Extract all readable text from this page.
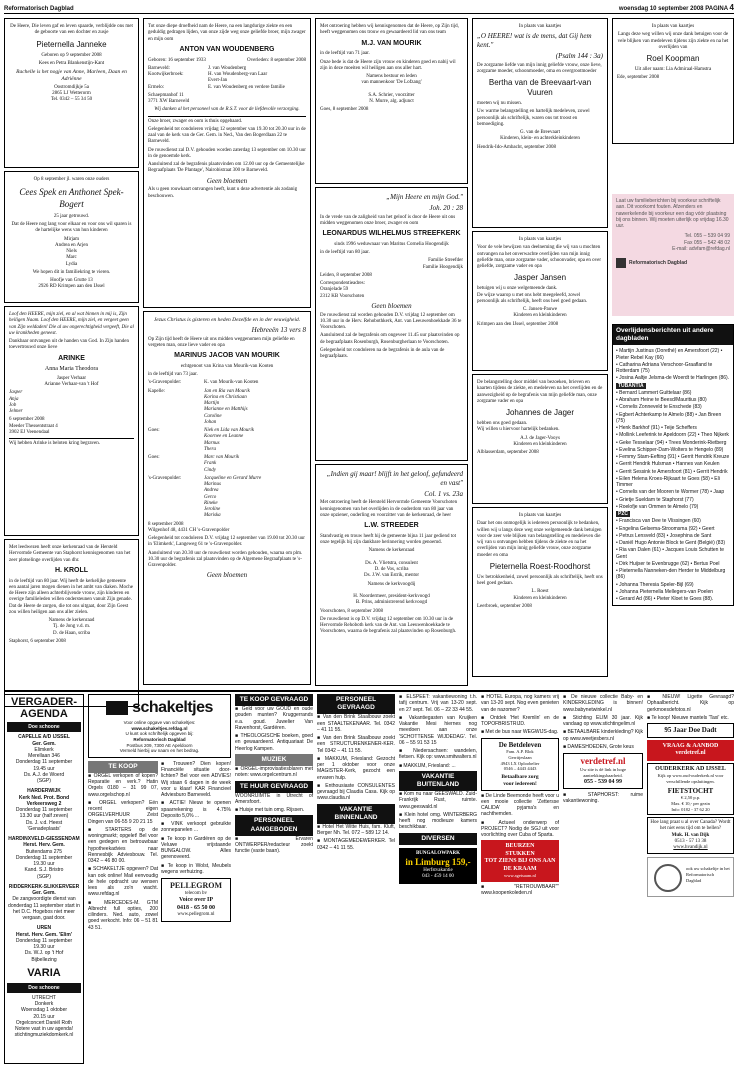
Reformatorisch Dagblad	woensdag 10 september 2008 PAGINA 4

De Heere, Die leven gaf en leven spaarde, verblijdde ons met de geboorte van een dochter en zusje

Pieternella Janneke

Geboren op 9 september 2008

Kees en Petra Blankenstijn-Kant

Rachelle is het nogje van Anne, Marleen, Daan en Adriënne

Oostromdijkje 5a
2865 LJ Wetterorm
Tel. 0342 – 55 34 50

Op 8 september jl. waren onze ouders

Cees Spek en Anthonet Spek-Bogert

25 jaar getrouwd.

Dat de Heere nog lang voor elkaar en voor ons wil sparen is de hartelijke wens van hun kinderen

Mirjam
Andrea en Arjen
Niels
Marc
Lydia

We hopen dit in familiekring te vieren.

Hoofje van Grutte 13
2926 RD Krimpen aan den IJssel

Loof den HEERE, mijn ziel, en al wat binnen in mij is, Zijn heiligen Naam. Loof den HEERE, mijn ziel, en vergeet geen van Zijn weldaden! Die al uw ongerechtigheid vergeeft, Die al uw krankheden geneest.

Dankbaar ontvangen uit de handen van God. In Zijn handen toevertrouwd onze lieve

ARINKE
Anna Maria Theodora

Jasper Verhaar
Arianne Verhaar-van 't Hof

Jasper
Anja
Job
Jelmer

6 september 2008
Meeder Thessentstraat 4
3902 EJ Veenendaal

Wij hebben Arinke is beloten kring begraven.

Met leedwezen heeft onze kerkenraad van de Hersteld Hervormde Gemeente van Staphorst kennisgenomen van het zeer plotselinge overlijden van dhr.

H. KROLL

in de leeftijd van 80 jaar. Wij heeft de kerkelijke gemeente een aantal jaren mogen dienen in het ambt van diaken. Moche de Heere zijn alleen achterblijvende vrouw, zijn kinderen en overige familieleden willen ondersteunen vanuit Zijn genade.
Dat de Heere de zorgen, die tot ons uitgaat, door Zijn Geest zou willen heiligen aan ons aller zielen.

Namens de kerkenraad
Tj. de Jong v.d. m.
D. de Haan, scriba

Staphorst, 6 september 2008

Tot onze diepe droefheid nam de Heere, na een langdurige ziekte en een geduldig gedragen lijden, van onze zijde weg onze geliefde broer, mijn zwager en mijn oom

ANTON VAN WOUDENBERG
Geboren: 16 september 1933	Overleden: 8 september 2008
Barneveld:	J. van Woudenberg
Kootwijkerbroek:	H. van Woudenberg-van Laar
Evert-Jan
Ermelo:	E. van Woudenberg en verdere familie

Schaepmanhof 11
3771 XW Barneveld

Wij danken al het personeel van de R.S.T. voor de liefdevolle verzorging.

Onze broer, zwager en oom is thuis opgebaard.

Gelegenheid tot condoleren vrijdag 12 september van 19.30 tot 20.30 uur in de zaal van de kerk van de Ger. Gem. in Ned., Van den Bogerdlaan 22 te Barneveld.

De rouwdienst zal D.V. gehouden worden zaterdag 13 september om 10.30 uur in de genoemde kerk.

Aansluitend zal de begrafenis plaatsvinden om 12.00 uur op de Gemeentelijke Begraafplaats 'De Plantage', Nairobistraat 300 te Barneveld.

Geen bloemen

Als u geen rouwkaart ontvangen heeft, kunt u deze advertentie als zodanig beschouwen.

Jezus Christus is gisteren en heden Dezelfde en in der eeuwigheid.

Hebreeën 13 vers 8

Op Zijn tijd heeft de Heere uit ons midden weggenomen mijn geliefde en vergeten man, onze lieve vader en opa

MARINUS JACOB VAN MOURIK

echtgenoot van Krina van Mourik-van Kooten

in de leeftijd van 73 jaar.

's-Gravenpolder:	K. van Mourik-van Kooten
Kapelle:	Jan en Ria van Mourik
Korina en Christiaan
Martijn
Marianne en Matthijs
Caroline
Johan
Goes:	Niek en Lida van Mourik
Koornee en Leanne
Marnus
Thera
Goes:	Marc van Mourik
Frank
Cindy
's-Gravenpolder:	Jacqueline en Gerard Murre
Marinus
Andrea
Gerco
Rineke
Jeroline
Mariska

8 september 2008
Wilgenhof 48, 4431 CH 's-Gravenpolder

Gelegenheid tot condoleren D.V. vrijdag 12 september van 19.00 tot 20.30 uur in 'Elimkerk', Langeweg 61 te 's-Gravenpolder.

Aansluitend van 20.30 uur de rouwdienst worden gehouden, waarna om plm. 10.30 uur de begrafenis zal plaatsvinden op de Algemene Begraafplaats te 's-Gravenpolder.

Geen bloemen

Met ontroering hebben wij kennisgenomen dat de Heere, op Zijn tijd, heeft weggenomen ons trouw en gewaardeerd lid van ons team

M.J. VAN MOURIK

in de leeftijd van 71 jaar.

Onze bede is dat de Heere zijn vrouw en kinderen goed en nabij wil zijn in deze moeiten wil heiligen aan ons aller hart.

Namens bestuur en leden
van mannenkoor 'De Lofzang'

S.A. Schrier, voorzitter
N. Murre, alg. adjunct

Goes, 8 september 2008

„Mijn Heere en mijn God."

Joh. 20 : 28

In de vrede van de zaligheid van het geloof is door de Heere uit ons midden weggenomen onze broer, zwager en oom

LEONARDUS WILHELMUS STREEFKERK

sinds 1996 weduwnaar van Maritus Cornelia Hoogendijk

in de leeftijd van 80 jaar.

Familie Streefder
Familie Hoogendijk

Leiden, 8 september 2008

Correspondentieadres:
Oranjelade 59
2312 KB Voorschoten

Geen bloemen

De rouwdienst zal worden gehouden D.V. vrijdag 12 september om 10.30 uur in de Herv. Rehobothkerk, Ant. van Leeuwenhoekkade 36 te Voorschoten.

Aansluitend zal de begrafenis om ongeveer 11.45 uur plaatsvinden op de begraafplaats Rosenburgh, Rosenburgherlaan te Voorschoten.

Gelegenheid tot condoleren na de begrafenis in de aula van de begraafplaats.

„Indien gij maar! blijft in het geloof, gefundeerd en vast"

Col. 1 vs. 23a

Met ontroering heeft de Hersteld Hervormde Gemeente Voorschoten kennisgenomen van het overlijden in de ouderdom van 80 jaar van onze opziener, ouderling en voorzitter van de kerkenraad, de heer

L.W. STREEDER

Standvastig en trouw heeft hij de gemeente bijna 11 jaar gediend tot onze tegelijk bij zijn dankbare herinnering worden genoemd.

Namens de kerkenraad

Ds. A. Vlietstra, consulent
D. de Vos, scriba
Ds. J.W. van Estrik, mentor

Namens de kerkvoogdij

H. Noordermeer, president-kerkvoogd
B. Prins, administrerend kerkvoogd

Voorschoten, 8 september 2008

De rouwdienst is op D.V. vrijdag 12 september om 10.30 uur in de Hervormde Rehoboth kerk van de Ant. van Leeuwenhoekkade te Voorschoten, waarna de begrafenis zal plaatsvinden op Rosenburgh.

In plaats van kaartjes

„O HEERE! wat is de mens, dat Gij hem kent."

(Psalm 144 : 3a)

De zorgzame liefde van mijn innig geliefde vrouw, onze lieve, zorgzame moeder, schoonmoeder, oma en overgrootmoeder

Bertha van de Breevaart-van Vuuren

moeten wij nu missen.

Uw warme belangstelling en hartelijk medeleven, zowel persoonlijk als schriftelijk, waren ons tot troost en bemoediging.

G. van de Breevaart
Kinderen, klein- en achterkleinkinderen

Hendrik-Ido-Ambacht, september 2008

In plaats van kaartjes

Voor de vele bewijzen van deelneming die wij van u mochten ontvangen na het onverwachte overlijden van mijn innig geliefde man, onze zorgzame vader, schoonvader, opa en over geliefde, zorgzame vader en opa

Jasper Jansen

betuigen wij u onze welgemeende dank.
De wijze waarop u met ons hebt meegeleefd, zowel persoonlijk als schriftelijk, heeft ons heel goed gedaan.

C. Jansen-Pauwe
Kinderen en kleinkinderen

Krimpen aan den IJssel, september 2008

De belangstelling door middel van bezoeken, brieven en kaarten tijdens de ziekte, en medeleven na het overlijden en de aanwezigheid op de begrafenis van mijn geliefde man, onze zorgzame vader en opa

Johannes de Jager

hebben ons goed gedaan.
Wij willen u hiervoor hartelijk bedanken.

A.J. de Jager-Vooys
Kinderen en kleinkinderen

Alblasserdam, september 2008

In plaats van kaartjes

Daar het ons onmogelijk is iedereen persoonlijk te bedanken, willen wij u langs deze weg onze welgemeende dank betuigen voor de zeer vele blijken van belangstelling en medeleven die wij van u ontvangen hebben tijdens de ziekte en na het overlijden van mijn innig geliefde vrouw, onze zorgzame moeder en oma

Pieternella Roest-Roodhorst

Uw betrokkenheid, zowel persoonlijk als schriftelijk, heeft ons heel goed gedaan.

L. Roest
Kinderen en kleinkinderen

Leerbroek, september 2008

In plaats van kaartjes

Langs deze weg willen wij onze dank betuigen voor de vele blijken van medeleven tijdens zijn ziekte en na het overlijden van

Roel Koopman

Uit aller naam: Lia Admiraal-Hamstra

Ede, september 2008

Laat uw familieberichten bij voorkeur schriftelijk aan. Dit voorkomt fouten. Afzenders en nawerkelende bij voorkeur een dag vóór plaatsing bij ons binnen. Wij moeten uiterlijk op vrijdag 16.30 uur.

Tel. 055 – 539 04 99

Fax 055 – 542 48 02

E-mail: advfam@refdag.nl

Reformatorisch Dagblad
Overlijdensberichten uit andere dagbladen

• Martijn Justinus (Dorethé) en Amersfoort (22) • Pieter Rebel Kay (66)

• Catharina Adriana Verschoor-Graafland te Rotterdam (75)

• Josina Aaltje Jelsma-de Woerdt te Harlingen (86).

TUBANTIA

• Bernard Lammert Guittelaar (86)

• Abraham Heine te Beesd/Mauritius (80)

• Cornelis Zonneveld te Enschede (83)

• Egbert Achterkamp te Almelo (88) • Jan Breen (75)

• Henk Barkhof (91) • Teije Scheffers

• Mollink Leeferink te Apeldoorn (22) • Theo Nijkerk

• Geke Tesselaar (94) • Trees Monderink-Rietberg

• Evelina Schipper-Dam-Wolters te Hengelo (89)

• Femmy Stam-Eefting (91) • Gerrit Hendrik Kreuze

• Gerrit Hendrik Hulsman • Hannes van Keulen

• Gerrit Sessink te Amersfoort (81) • Gerrit Hendrik

• Eilen Helena Kroes-Rijkaart te Goes (58) • Eli Timmer

• Cornelis van der Mooren te Wormer (78) • Jaap

• Grietje Sueldam te Staphorst (77)

• Roelofje van Ommen te Almelo (79)

PZC

• Francisca van Dee te Vlissingen (60)

• Engelina Gelsema-Stroomsma (92) • Geert

• Petrus Lensveld (83) • Josephina de Sant

• Daniël Hugo Antonie Block te Gent (Belgié) (83)

• Ria van Dalen (61) • Jacques Louis Schutten te Gent

• Dirk Huijser te Evenbrugge (62) • Bertus Poel

• Pieternella Nanneken-den Herder te Middelburg (86)

• Johanna Theresia Speler-Bijl (69)

• Johanna Pieternella Mellegers-van Poelen

• Gerard Ad (86) • Pieter Kloet te Goes (88).

VERGADER-AGENDA
Doe schoone
CAPELLE A/D IJSSEL
Ger. Gem.
Elimkerk
Merellaan 346
Donderdag 11 september
19.45 uur
Ds. A.J. de Woerd
(SGP)
HARDERWIJK
Kerk Ned. Prot. Bond
Verkeersweg 2
Donderdag 11 september
13.30 uur (half zeven)
Ds. J. v.d. Heest
'Genadeplaats'
HARDINXVELD-GIESSENDAM
Herst. Herv. Gem.
Buitendams 275
Donderdag 11 september
19.30 uur
Kand. S.J. Bristro
(SGP)
RIDDERKERK-SLIKKERVEER
Ger. Gem.
De zangvoordigte dienst van donderdag 11 september start in het D.C. Hogebos niet meer vergaan, gaat door.
UREN
Herst. Herv. Gem. 'Elim'
Donderdag 11 september
19.30 uur
Ds. W.J. op 't Hof
Bijbellezing
VARIA
Doe schoone
UTRECHT
Donkerk
Woensdag 1 oktober
20.15 uur
Orgelconcert Daniël Roth
Notere vast in uw agenda!
stichtingmuziekdomkerk.nl
schakeltjes
Voor online opgave van schakeltjes:
www.schakeltjes.refdag.nl
U kunt ook schriftelijk opgeven bij:
Reformatorisch Dagblad
Postbus 209, 7300 AE Apeldoorn
Vermeld hierbij uw naam en het bedrag.
TE KOOP

■ ORGEL verkopen of kopen? Reparatie en verk.? Hatin Orgels 0180 – 31 99 07, www.orgelschop.nl

■ ORGEL verkopen? Eén recent eigen ORGELVERHUUR Zeist Dingen van 06-55 9 20 21 15

■ STARTERS op de woningmarkt; opgelet! Bel voor een gedegen en betrouwbaar hypotheekadvies naar Rennesbijk Adviesbouw. Tel. 0342 – 46 80 00.

■ SCHAKELTJE opgeven? Dat kan ook online! Mail eenvoudig de hele opdracht uw wensen lees als zo'n wacht. www.refdag.nl

■ MERCEDES-M. GTM Albrecht full opties, 200 cilinders. Ned. auto, zowel goed verkocht. Info: 06 – 51 81 43 51.

■ Trouwen? Dien kopen! Financiële situatie door- lichten? Bel voor een ADVIES! Wij staan 6 dagen in de week voor u klaar! KAR Financieel Adviesburo Barneveld.

■ ACTIE! Nieuw te openen spaarrekening is 4.75% Deposito 5,0% ...

■ VINK verkoopt gebruikte zonnepanelen ...

■ Te koop in Gardéren op de Veluwe vrijstaande BUNGALOW. Alles gerenoveerd.

■ Te koop in Wolst, Meubels wegens verhuizing.

PELLEGROM
telecom bv
Voice over IP
0418 - 65 50 00
www.pellegrom.nl
TE KOOP GEVRAAGD

■ Geld voor uw GOUD en oude gouden munten? Kruggerrands e.a. goud. Juwelier Van Ravenhorst, Gardéren.

■ THEOLOGISCHE boeken, goed en gewaardeerd. Antiquariaat De Heerlog Kampen.

MUZIEK

■ ORGEL-improvisatiesblaren met noten: www.orgelcentrum.nl

TE HUUR GEVRAAGD

WOONRUIMTE in Utrecht of Amersfoort.

■ Huisje met tuin omg. Rijssen.

PERSONEEL AANGEBODEN

■ Ervaren ONTWERPER/redacteur zoekt functie (vaste baan).

PERSONEEL GEVRAAGD

■ Van den Brink Staalbouw zoekt een STAALTEKENAAR. Tel. 0342 – 41 11 55.

■ Van den Brink Staalbouw zoekt een STRUCTURENKENER-KER. Tel 0342 – 41 11 55.

■ MAKKUM, Friesland: Gezocht per 1 oktober voor onze MAGISTER-Kerk, gezocht een ervaren hulp.

■ Enthousiaste CONSULENTES gevraagd bij Claudia Casa. Kijk op www.claudia.nl

VAKANTIE BINNENLAND

■ Hotel Het Witte Huis, fam. Kluft, Berger Nh. Tel. 072 – 589 12 14.

■ MONTAGEMEDEWERKER. Tel 0342 – 41 11 55.

■ ELSPEET: vakantiewoning t.h. tafij centrum. Vrij van 13-20 sept. en 27 sept. Tel. 06 – 22 33 44 55.

■ Vakantiegasten van Kruijken Vakantie Mesi hiernes nog meedoen aan onze 'SCHOTTENSE WIJDEDAG'. Tel. 06 – 55 91 53 15

■ Niedersachsen: wandelen, fietsen. Kijk op: www.smitwalters.nl

■ MAKKUM, Friesland: ...

VAKANTIE BUITENLAND

■ Kom nu naar GEESWALD. Zuid-Frankrijk Rust, ruimte. www.geeswald.nl

■ Klein hotel omg. WINTERBERG heeft nog modieuze kamers beschikbaar.

DIVERSEN
BUNGALOWPARK
in Limburg 159,-
Herfstvakantie
043 - 459 14 00

■ HOTEL Europa, nog kamers vrij van 13-20 sept. Nog even genieten van de nazomer?

■ Ontdek 'Het Kremlin' en de TOPOFBRISTRIJD.

■ Met de bus naar WEGWIJS-dag.

De Betdeleven
Fam. A.P. Blok
Gerritjeslaan
4943 LX Oploobelier
0546 – 4443 4443
Betaalbare zorg
voor iedereen!

■ De Linde Beemonde heeft voor u een mooie collectie 'Zettersse CALIDA' pyjama's en nachthemden.

■ Actueel onderwerp of PROJECT? Nodig de SGJ uit voor voorlichting over Cuba of Sparta.

BEURZEN
STUKKEN
TOT ZIENS BIJ ONS AAN DE KRAAM
www.agetsaam.nl

■ "RETROUWBAAR"" www.koopenkoleden.nl

■ De nieuwe collectie Baby- en KINDERKLEDING is binnen! www.babynetwinkel.nl

■ Stichting ELIM 30 jaar. Kijk vandaag op www.stichtingelim.nl

■ BETAALBARE kinderkleding? Kijk op www.weetjesbers.nl

■ DAMESHOEDEN, Grote keus

verdetref.nl
Uw site is dé link in hoge aantrekkingsbaarheid.
055 - 539 04 99

■ STAPHORST: ruime vakantiewoning.

■ NIEUW! Ligette Gevraagd? Ophaalbericht. Kijk op gerkmoesdefotos.nl

■ Te koop! Nieuwe mantels 'Taxi' etc.

95 Jaar Doe Dadt
VRAAG & AANBOD
verdetref.nl
OUDERKERK AD IJSSEL
Kijk op www.oud-ouderkerk.nl voor verschillende opsluitingen.
FIETSTOCHT
€ 2,50 p.p.
Max. € 10,- per gezin
Info: 0182 - 37 62 20
Hoe lang praat u al over Canada? Wordt het niet eens tijd om te bellen?
Muk. H. van Dijk
0513 - 57 13 38
www.hvandijk.nl
ook uw schakeltje in het Reformatorisch Dagblad
